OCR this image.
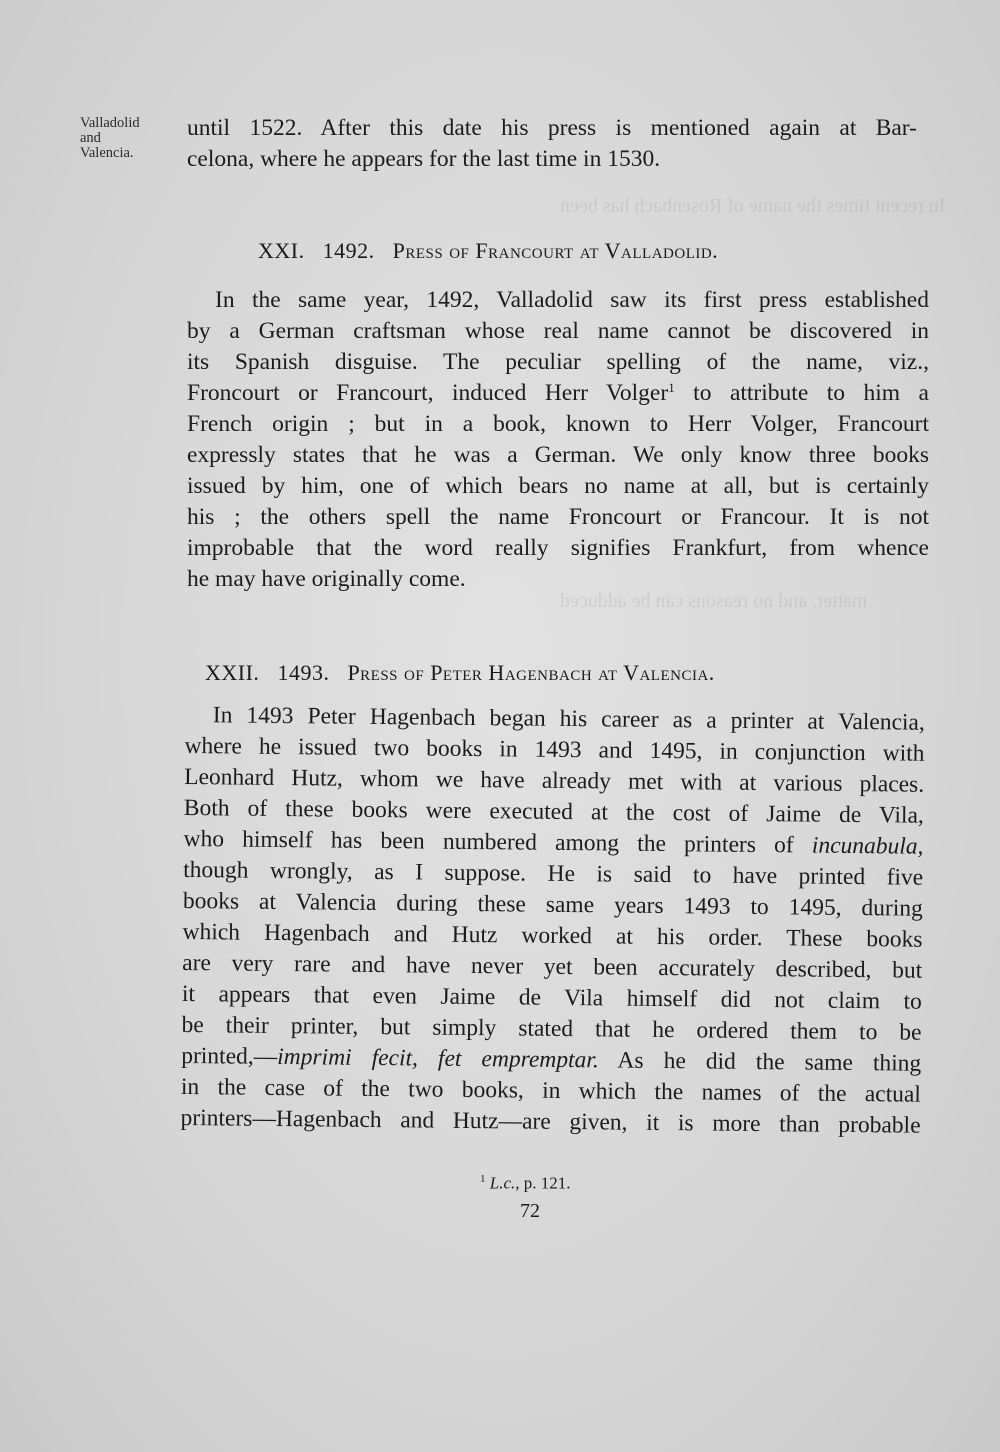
In recent times the name of Rosenbach has been
matter, and no reasons can be adduced
Valladolid
and
Valencia.
until 1522. After this date his press is mentioned again at Bar-
celona, where he appears for the last time in 1530.
XXI. 1492. Press of Francourt at Valladolid.
In the same year, 1492, Valladolid saw its first press established
by a German craftsman whose real name cannot be discovered in
its Spanish disguise. The peculiar spelling of the name, viz.,
Froncourt or Francourt, induced Herr Volger$^1$ to attribute to him a
French origin ; but in a book, known to Herr Volger, Francourt
expressly states that he was a German. We only know three books
issued by him, one of which bears no name at all, but is certainly
his ; the others spell the name Froncourt or Francour. It is not
improbable that the word really signifies Frankfurt, from whence
he may have originally come.
XXII. 1493. Press of Peter Hagenbach at Valencia.
In 1493 Peter Hagenbach began his career as a printer at Valencia,
where he issued two books in 1493 and 1495, in conjunction with
Leonhard Hutz, whom we have already met with at various places.
Both of these books were executed at the cost of Jaime de Vila,
who himself has been numbered among the printers of incunabula,
though wrongly, as I suppose. He is said to have printed five
books at Valencia during these same years 1493 to 1495, during
which Hagenbach and Hutz worked at his order. These books
are very rare and have never yet been accurately described, but
it appears that even Jaime de Vila himself did not claim to
be their printer, but simply stated that he ordered them to be
printed,—imprimi fecit, fet empremptar. As he did the same thing
in the case of the two books, in which the names of the actual
printers—Hagenbach and Hutz—are given, it is more than probable
$^1$ L.c., p. 121.
72
